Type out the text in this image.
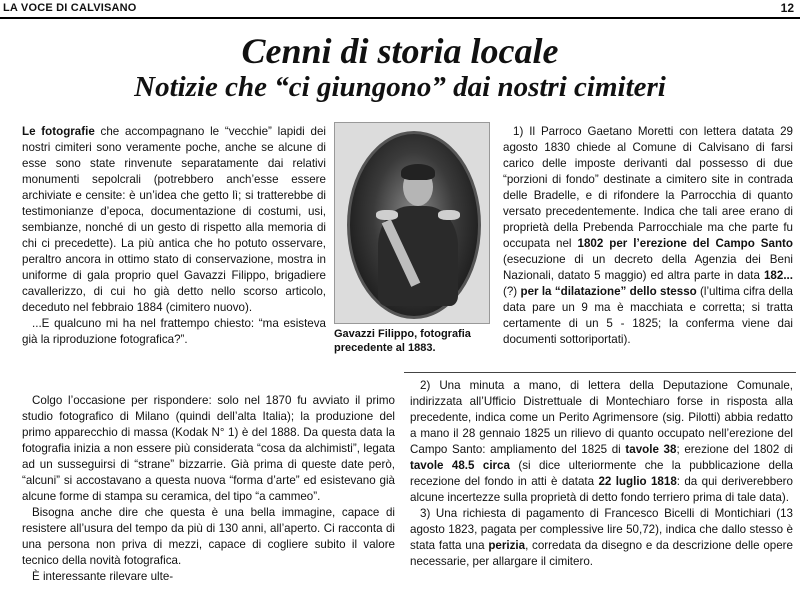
LA VOCE DI CALVISANO	12
Cenni di storia locale
Notizie che “ci giungono” dai nostri cimiteri

Le fotografie che accompagnano le “vecchie” lapidi dei nostri cimiteri sono veramente poche, anche se alcune di esse sono state rinvenute separatamente dai relativi monumenti sepolcrali (potrebbero anch’esse essere archiviate e censite: è un’idea che getto lì; si tratterebbe di testimonianze d’epoca, documentazione di costumi, usi, sembianze, nonché di un gesto di rispetto alla memoria di chi ci precedette). La più antica che ho potuto osservare, peraltro ancora in ottimo stato di conservazione, mostra in uniforme di gala proprio quel Gavazzi Filippo, brigadiere cavallerizzo, di cui ho già detto nello scorso articolo, deceduto nel febbraio 1884 (cimitero nuovo).

...E qualcuno mi ha nel frattempo chiesto: “ma esisteva già la riproduzione fotografica?”.

Colgo l’occasione per rispondere: solo nel 1870 fu avviato il primo studio fotografico di Milano (quindi dell’alta Italia); la produzione del primo apparecchio di massa (Kodak N° 1) è del 1888. Da questa data la fotografia inizia a non essere più considerata “cosa da alchimisti”, legata ad un susseguirsi di “strane” bizzarrie. Già prima di queste date però, “alcuni” si accostavano a questa nuova “forma d’arte” ed esistevano già alcune forme di stampa su ceramica, del tipo “a cammeo”.

Bisogna anche dire che questa è una bella immagine, capace di resistere all’usura del tempo da più di 130 anni, all’aperto. Ci racconta di una persona non priva di mezzi, capace di cogliere subito il valore tecnico della novità fotografica.

È interessante rilevare ulte-

Gavazzi Filippo, fotografia precedente al 1883.

1) Il Parroco Gaetano Moretti con lettera datata 29 agosto 1830 chiede al Comune di Calvisano di farsi carico delle imposte derivanti dal possesso di due “porzioni di fondo” destinate a cimitero site in contrada delle Bradelle, e di rifondere la Parrocchia di quanto versato precedentemente. Indica che tali aree erano di proprietà della Prebenda Parrocchiale ma che parte fu occupata nel 1802 per l’erezione del Campo Santo (esecuzione di un decreto della Agenzia dei Beni Nazionali, datato 5 maggio) ed altra parte in data 182... (?) per la “dilatazione” dello stesso (l’ultima cifra della data pare un 9 ma è macchiata e corretta; si tratta certamente di un 5 - 1825; la conferma viene dai documenti sottoriportati).

2) Una minuta a mano, di lettera della Deputazione Comunale, indirizzata all’Ufficio Distrettuale di Montechiaro forse in risposta alla precedente, indica come un Perito Agrimensore (sig. Pilotti) abbia redatto a mano il 28 gennaio 1825 un rilievo di quanto occupato nell’erezione del Campo Santo: ampliamento del 1825 di tavole 38; erezione del 1802 di tavole 48.5 circa (si dice ulteriormente che la pubblicazione della recezione del fondo in atti è datata 22 luglio 1818: da qui deriverebbero alcune incertezze sulla proprietà di detto fondo terriero prima di tale data).

3) Una richiesta di pagamento di Francesco Bicelli di Montichiari (13 agosto 1823, pagata per complessive lire 50,72), indica che dallo stesso è stata fatta una perizia, corredata da disegno e da descrizione delle opere necessarie, per allargare il cimitero.
